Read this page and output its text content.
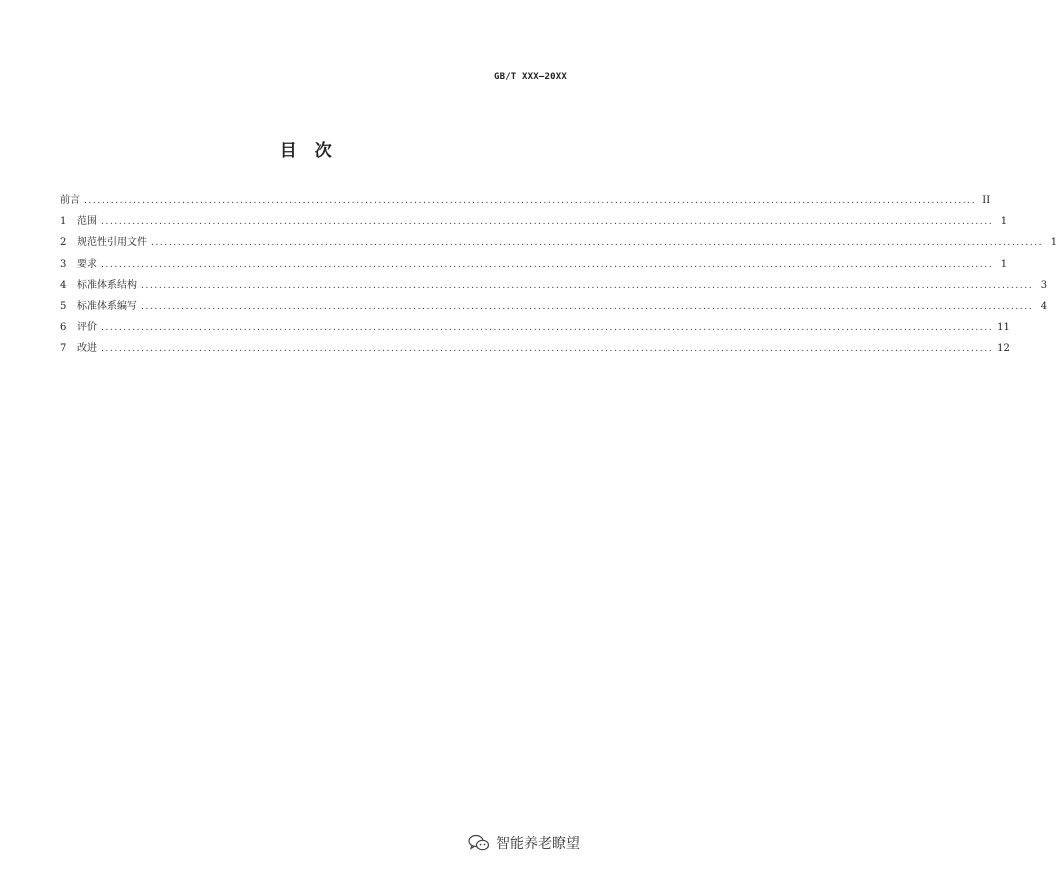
GB/T XXX—20XX
目　次
前言 ........................................................................................................................................................................................................ II
1	范围 ........................................................................................................................................................................................................ 1
2	规范性引用文件 ........................................................................................................................................................................................................ 1
3	要求 ........................................................................................................................................................................................................ 1
4	标准体系结构 ........................................................................................................................................................................................................ 3
5	标准体系编写 ........................................................................................................................................................................................................ 4
6	评价 ........................................................................................................................................................................................................ 11
7	改进 ........................................................................................................................................................................................................ 12
智能养老瞭望
